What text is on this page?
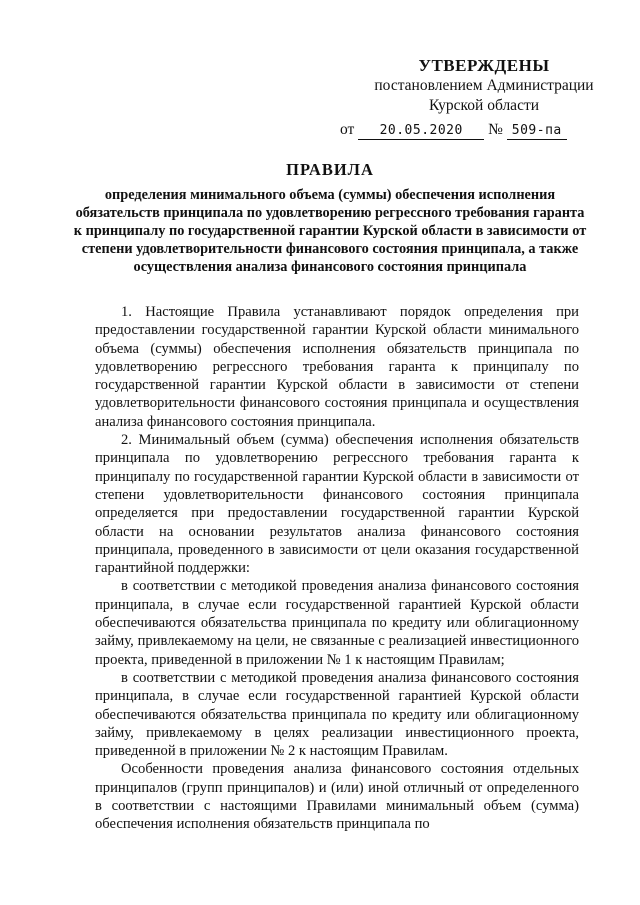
УТВЕРЖДЕНЫ
постановлением Администрации
Курской области
от 20.05.2020 № 509-па
ПРАВИЛА
определения минимального объема (суммы) обеспечения исполнения обязательств принципала по удовлетворению регрессного требования гаранта к принципалу по государственной гарантии Курской области в зависимости от степени удовлетворительности финансового состояния принципала, а также осуществления анализа финансового состояния принципала

1. Настоящие Правила устанавливают порядок определения при предоставлении государственной гарантии Курской области минимального объема (суммы) обеспечения исполнения обязательств принципала по удовлетворению регрессного требования гаранта к принципалу по государственной гарантии Курской области в зависимости от степени удовлетворительности финансового состояния принципала и осуществления анализа финансового состояния принципала.

2. Минимальный объем (сумма) обеспечения исполнения обязательств принципала по удовлетворению регрессного требования гаранта к принципалу по государственной гарантии Курской области в зависимости от степени удовлетворительности финансового состояния принципала определяется при предоставлении государственной гарантии Курской области на основании результатов анализа финансового состояния принципала, проведенного в зависимости от цели оказания государственной гарантийной поддержки:

в соответствии с методикой проведения анализа финансового состояния принципала, в случае если государственной гарантией Курской области обеспечиваются обязательства принципала по кредиту или облигационному займу, привлекаемому на цели, не связанные с реализацией инвестиционного проекта, приведенной в приложении № 1 к настоящим Правилам;

в соответствии с методикой проведения анализа финансового состояния принципала, в случае если государственной гарантией Курской области обеспечиваются обязательства принципала по кредиту или облигационному займу, привлекаемому в целях реализации инвестиционного проекта, приведенной в приложении № 2 к настоящим Правилам.

Особенности проведения анализа финансового состояния отдельных принципалов (групп принципалов) и (или) иной отличный от определенного в соответствии с настоящими Правилами минимальный объем (сумма) обеспечения исполнения обязательств принципала по
